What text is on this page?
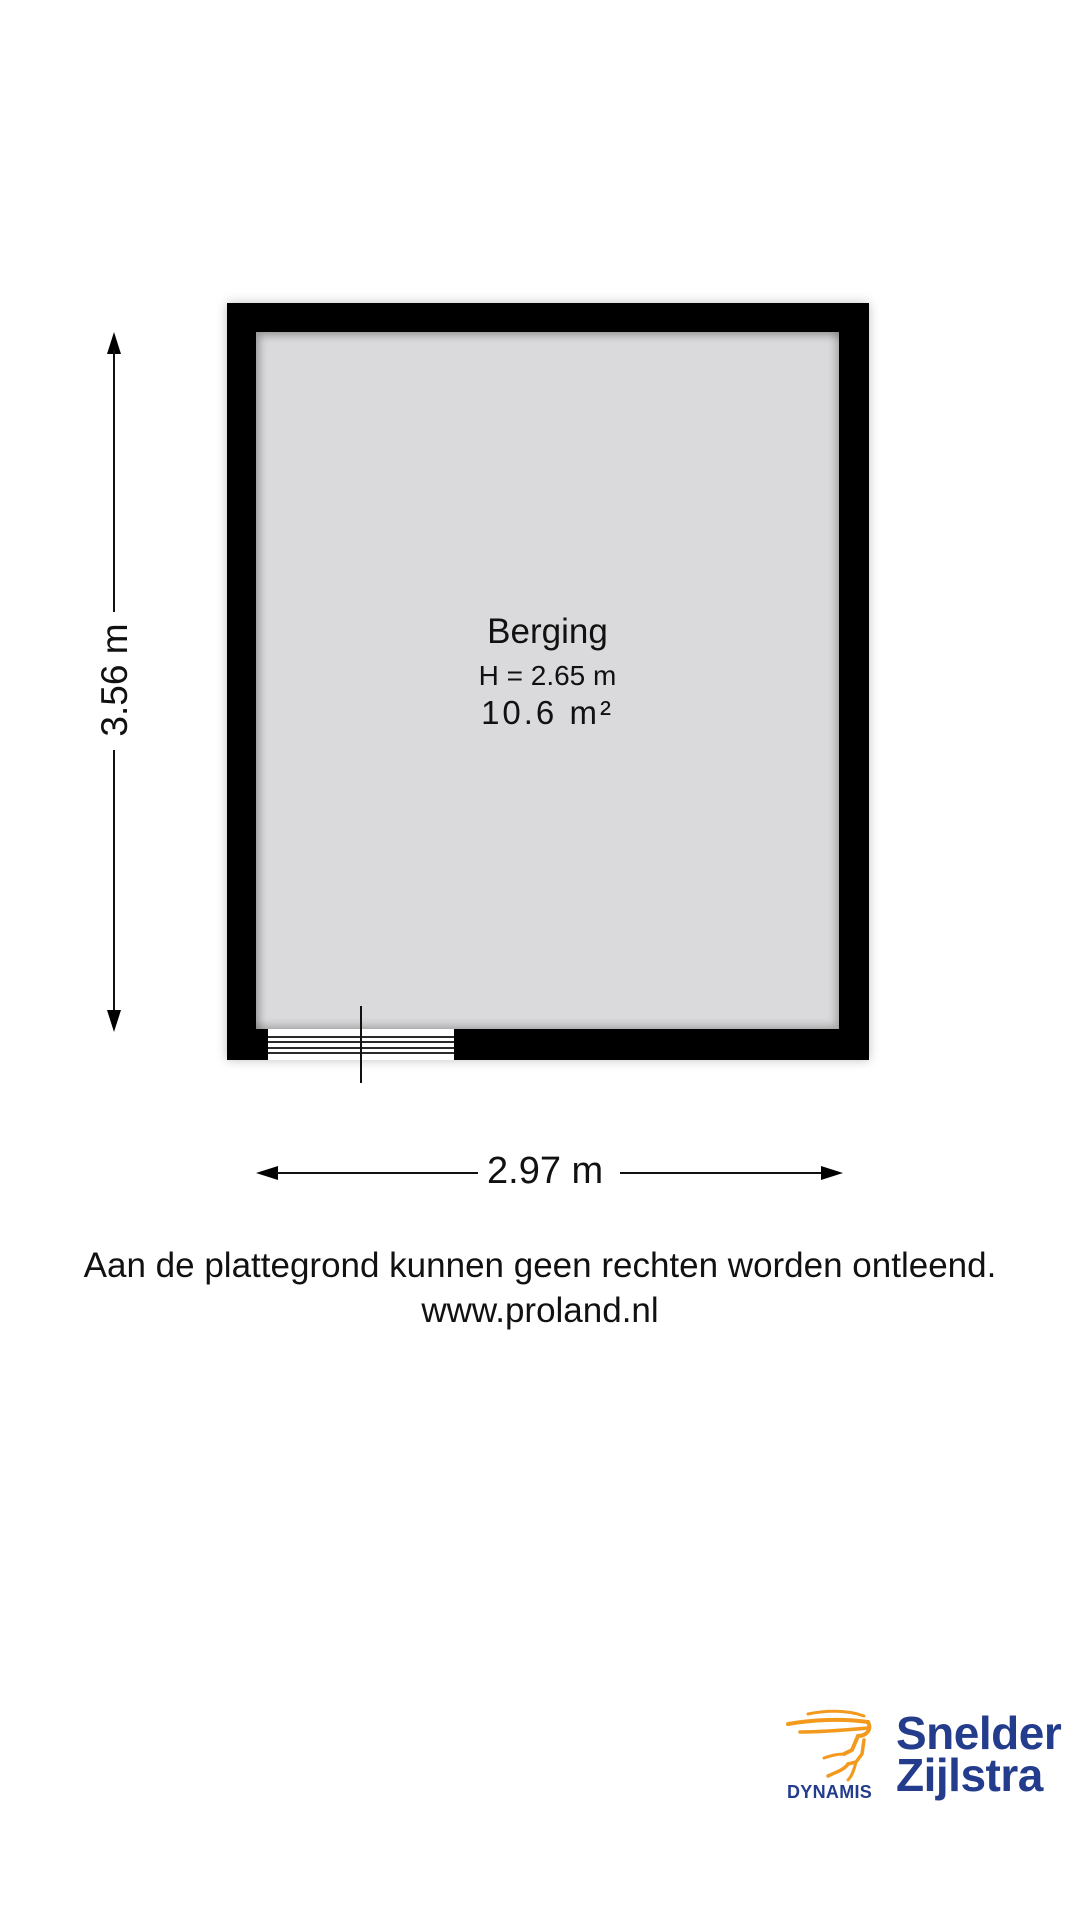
Berging
H = 2.65 m
10.6 m²
3.56 m
2.97 m
Aan de plattegrond kunnen geen rechten worden ontleend.
www.proland.nl
DYNAMIS
Snelder
Zijlstra
